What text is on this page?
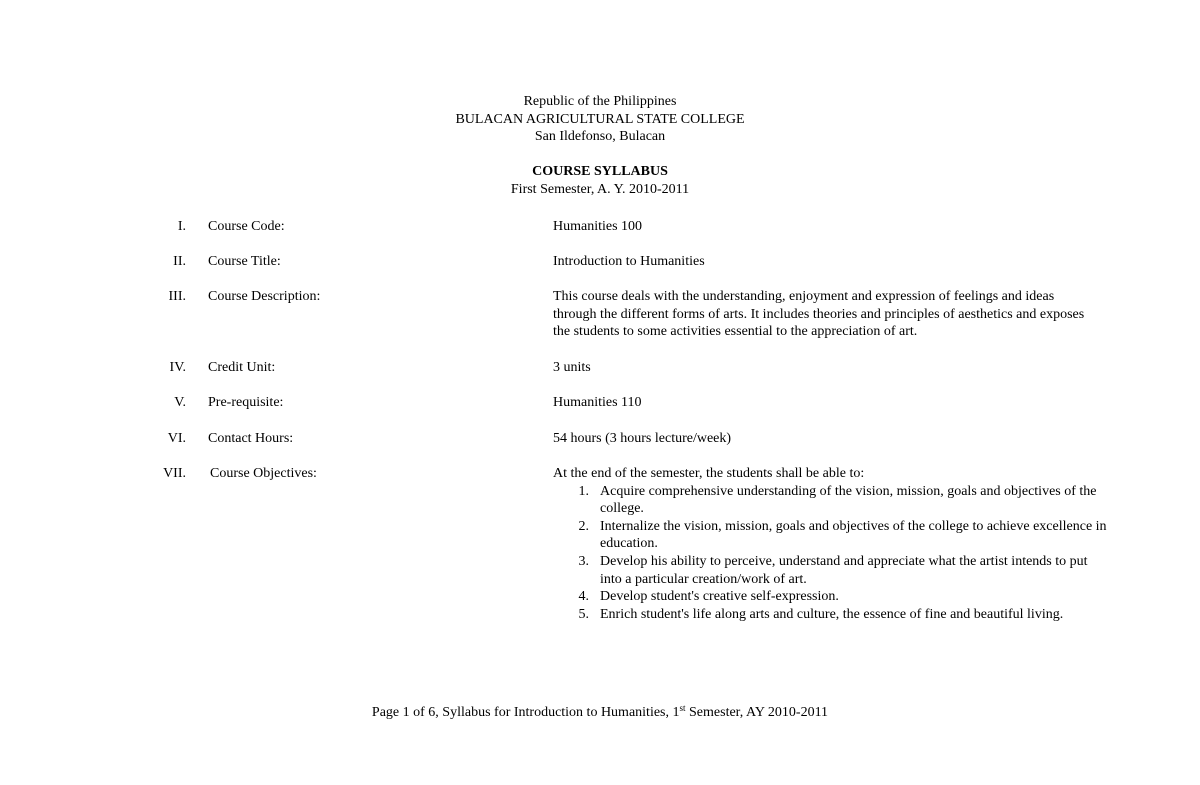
Republic of the Philippines
BULACAN AGRICULTURAL STATE COLLEGE
San Ildefonso, Bulacan
COURSE SYLLABUS
First Semester, A. Y. 2010-2011
I. Course Code:	Humanities 100
II. Course Title:	Introduction to Humanities
III. Course Description:	This course deals with the understanding, enjoyment and expression of feelings and ideas through the different forms of arts. It includes theories and principles of aesthetics and exposes the students to some activities essential to the appreciation of art.
IV. Credit Unit:	3 units
V. Pre-requisite:	Humanities 110
VI. Contact Hours:	54 hours (3 hours lecture/week)
VII. Course Objectives:	At the end of the semester, the students shall be able to:
1. Acquire comprehensive understanding of the vision, mission, goals and objectives of the college.
2. Internalize the vision, mission, goals and objectives of the college to achieve excellence in education.
3. Develop his ability to perceive, understand and appreciate what the artist intends to put into a particular creation/work of art.
4. Develop student's creative self-expression.
5. Enrich student's life along arts and culture, the essence of fine and beautiful living.
Page 1 of 6, Syllabus for Introduction to Humanities, 1st Semester, AY 2010-2011
